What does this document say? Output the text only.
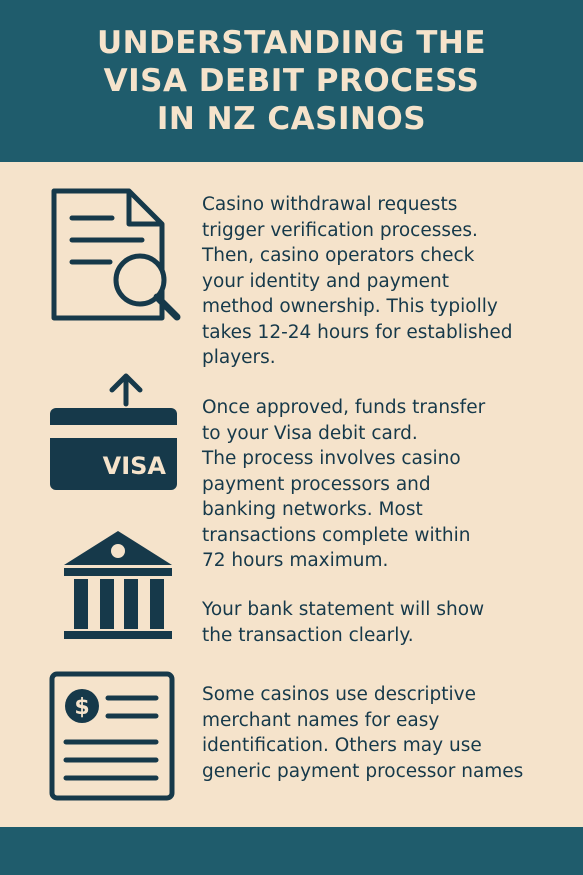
UNDERSTANDING THE
VISA DEBIT PROCESS
IN NZ CASINOS
VISA
$
Casino withdrawal requests
trigger verification processes.
Then, casino operators check
your identity and payment
method ownership. This typiolly
takes 12-24 hours for established
players.
Once approved, funds transfer
to your Visa debit card.
The process involves casino
payment processors and
banking networks. Most
transactions complete within
72 hours maximum.
Your bank statement will show
the transaction clearly.
Some casinos use descriptive
merchant names for easy
identification. Others may use
generic payment processor names
